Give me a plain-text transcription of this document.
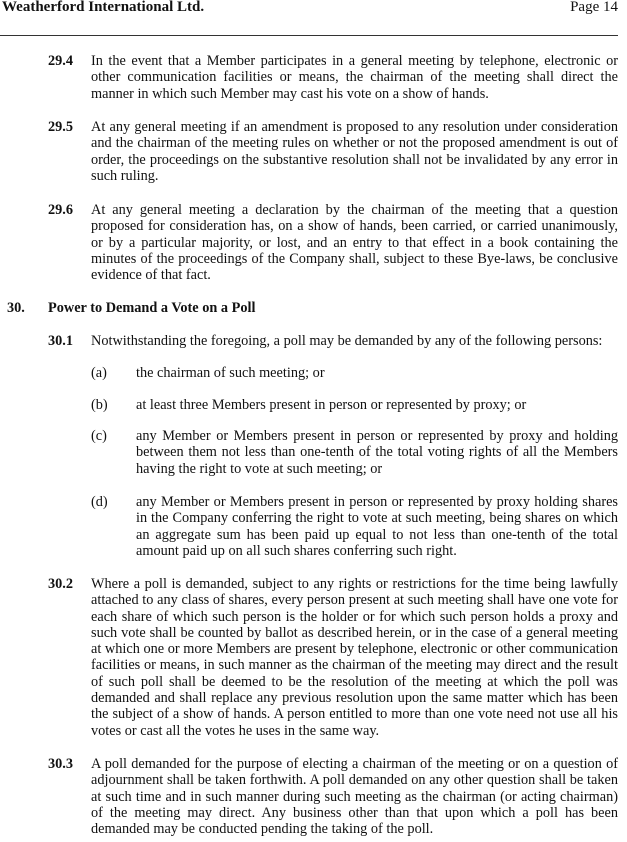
Weatherford International Ltd.	Page 14
29.4 In the event that a Member participates in a general meeting by telephone, electronic or other communication facilities or means, the chairman of the meeting shall direct the manner in which such Member may cast his vote on a show of hands.
29.5 At any general meeting if an amendment is proposed to any resolution under consideration and the chairman of the meeting rules on whether or not the proposed amendment is out of order, the proceedings on the substantive resolution shall not be invalidated by any error in such ruling.
29.6 At any general meeting a declaration by the chairman of the meeting that a question proposed for consideration has, on a show of hands, been carried, or carried unanimously, or by a particular majority, or lost, and an entry to that effect in a book containing the minutes of the proceedings of the Company shall, subject to these Bye-laws, be conclusive evidence of that fact.
30. Power to Demand a Vote on a Poll
30.1 Notwithstanding the foregoing, a poll may be demanded by any of the following persons:
(a) the chairman of such meeting; or
(b) at least three Members present in person or represented by proxy; or
(c) any Member or Members present in person or represented by proxy and holding between them not less than one-tenth of the total voting rights of all the Members having the right to vote at such meeting; or
(d) any Member or Members present in person or represented by proxy holding shares in the Company conferring the right to vote at such meeting, being shares on which an aggregate sum has been paid up equal to not less than one-tenth of the total amount paid up on all such shares conferring such right.
30.2 Where a poll is demanded, subject to any rights or restrictions for the time being lawfully attached to any class of shares, every person present at such meeting shall have one vote for each share of which such person is the holder or for which such person holds a proxy and such vote shall be counted by ballot as described herein, or in the case of a general meeting at which one or more Members are present by telephone, electronic or other communication facilities or means, in such manner as the chairman of the meeting may direct and the result of such poll shall be deemed to be the resolution of the meeting at which the poll was demanded and shall replace any previous resolution upon the same matter which has been the subject of a show of hands. A person entitled to more than one vote need not use all his votes or cast all the votes he uses in the same way.
30.3 A poll demanded for the purpose of electing a chairman of the meeting or on a question of adjournment shall be taken forthwith. A poll demanded on any other question shall be taken at such time and in such manner during such meeting as the chairman (or acting chairman) of the meeting may direct. Any business other than that upon which a poll has been demanded may be conducted pending the taking of the poll.
